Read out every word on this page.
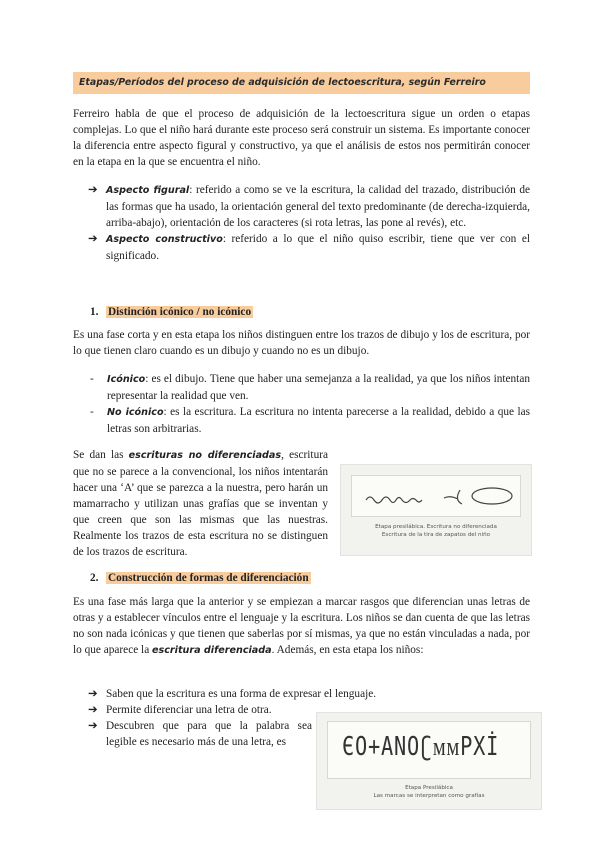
Etapas/Períodos del proceso de adquisición de lectoescritura, según Ferreiro

Ferreiro habla de que el proceso de adquisición de la lectoescritura sigue un orden o etapas complejas. Lo que el niño hará durante este proceso será construir un sistema. Es importante conocer la diferencia entre aspecto figural y constructivo, ya que el análisis de estos nos permitirán conocer en la etapa en la que se encuentra el niño.

➔ Aspecto figural: referido a como se ve la escritura, la calidad del trazado, distribución de las formas que ha usado, la orientación general del texto predominante (de derecha-izquierda, arriba-abajo), orientación de los caracteres (si rota letras, las pone al revés), etc.
➔ Aspecto constructivo: referido a lo que el niño quiso escribir, tiene que ver con el significado.
1. Distinción icónico / no icónico

Es una fase corta y en esta etapa los niños distinguen entre los trazos de dibujo y los de escritura, por lo que tienen claro cuando es un dibujo y cuando no es un dibujo.

- Icónico: es el dibujo. Tiene que haber una semejanza a la realidad, ya que los niños intentan representar la realidad que ven.
- No icónico: es la escritura. La escritura no intenta parecerse a la realidad, debido a que las letras son arbitrarias.

Se dan las escrituras no diferenciadas, escritura que no se parece a la convencional, los niños intentarán hacer una ‘A’ que se parezca a la nuestra, pero harán un mamarracho y utilizan unas grafías que se inventan y que creen que son las mismas que las nuestras. Realmente los trazos de esta escritura no se distinguen de los trazos de escritura.

Etapa presilábica. Escritura no diferenciada
Escritura de la tira de zapatos del niño
2. Construcción de formas de diferenciación

Es una fase más larga que la anterior y se empiezan a marcar rasgos que diferencian unas letras de otras y a establecer vínculos entre el lenguaje y la escritura. Los niños se dan cuenta de que las letras no son nada icónicas y que tienen que saberlas por sí mismas, ya que no están vinculadas a nada, por lo que aparece la escritura diferenciada. Además, en esta etapa los niños:

➔ Saben que la escritura es una forma de expresar el lenguaje.
➔ Permite diferenciar una letra de otra.
➔ Descubren que para que la palabra sea legible es necesario más de una letra, es	ЄO+ANOʗᴍᴍPXİ
Etapa Presilábica
Las marcas se interpretan como grafías
